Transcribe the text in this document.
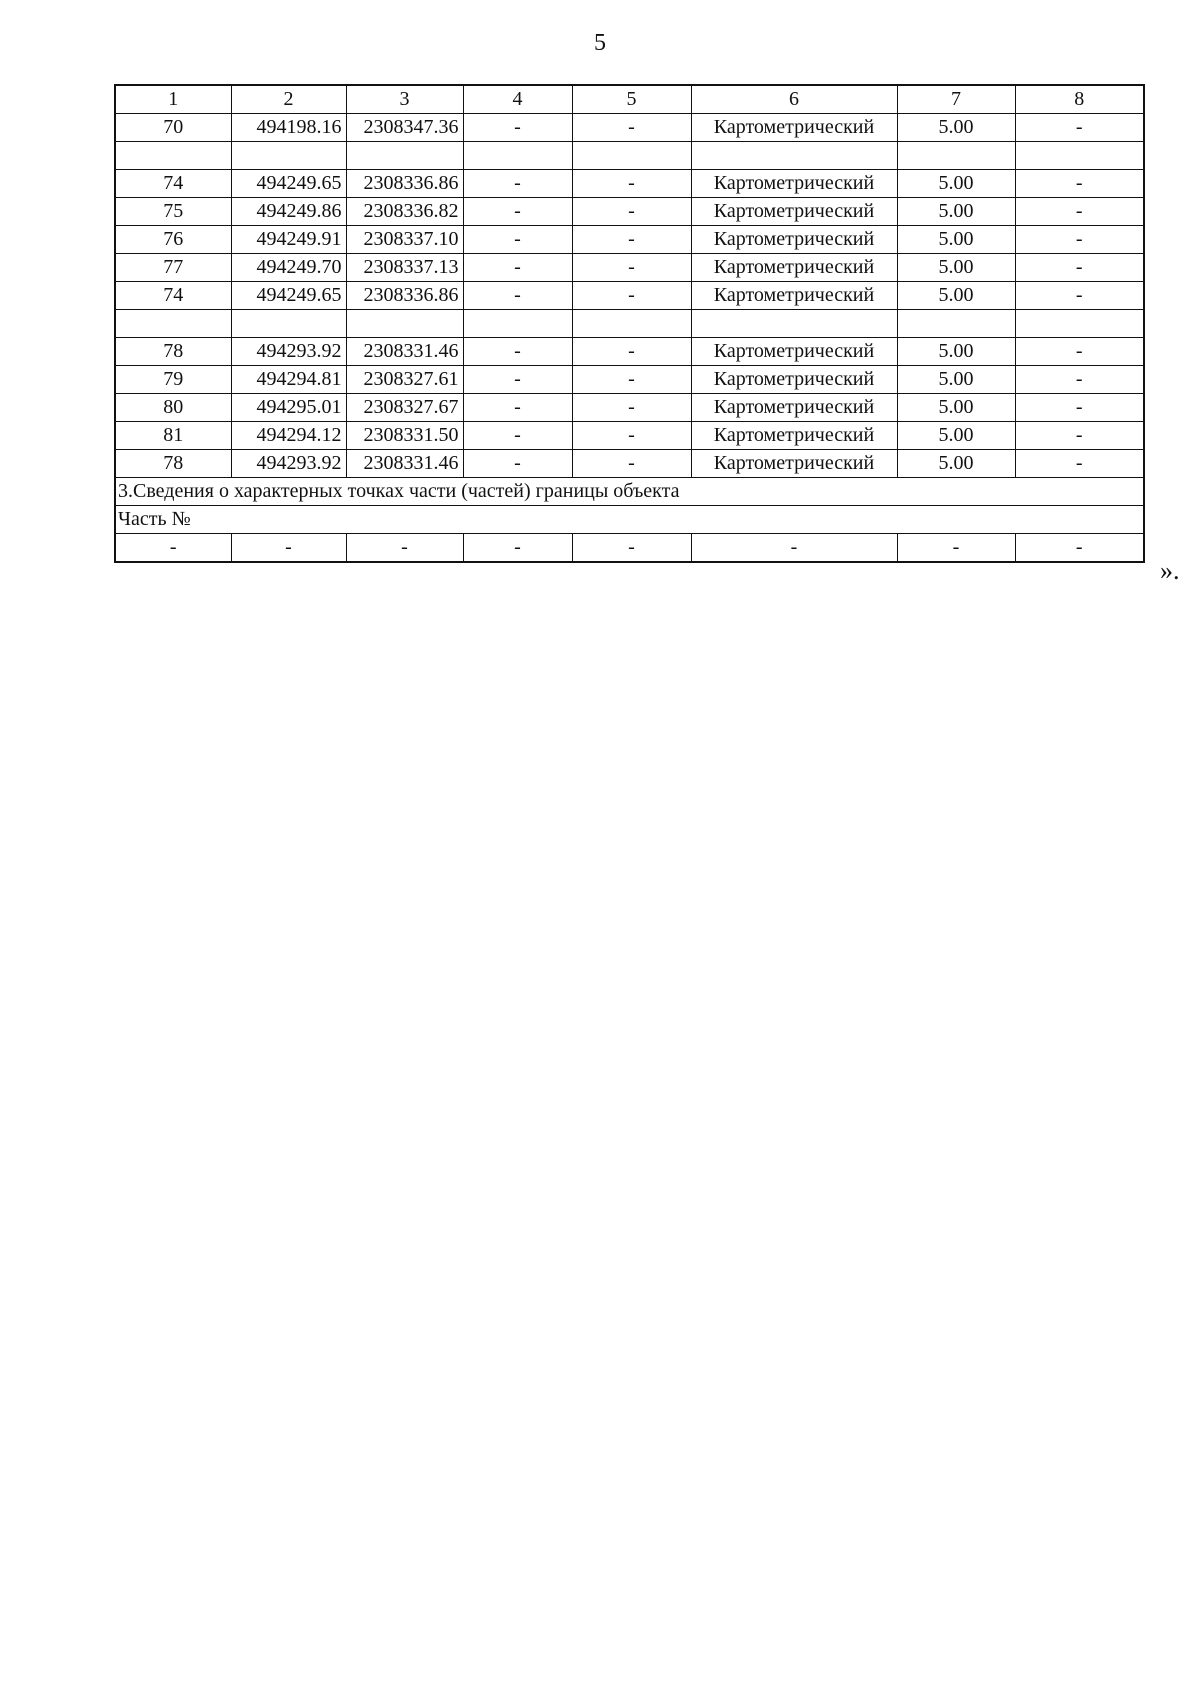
5
1	2	3	4	5	6	7	8
70	494198.16	2308347.36	-	-	Картометрический	5.00	-

74	494249.65	2308336.86	-	-	Картометрический	5.00	-
75	494249.86	2308336.82	-	-	Картометрический	5.00	-
76	494249.91	2308337.10	-	-	Картометрический	5.00	-
77	494249.70	2308337.13	-	-	Картометрический	5.00	-
74	494249.65	2308336.86	-	-	Картометрический	5.00	-

78	494293.92	2308331.46	-	-	Картометрический	5.00	-
79	494294.81	2308327.61	-	-	Картометрический	5.00	-
80	494295.01	2308327.67	-	-	Картометрический	5.00	-
81	494294.12	2308331.50	-	-	Картометрический	5.00	-
78	494293.92	2308331.46	-	-	Картометрический	5.00	-
3.Сведения о характерных точках части (частей) границы объекта							
Часть №							
-	-	-	-	-	-	-	-
».
